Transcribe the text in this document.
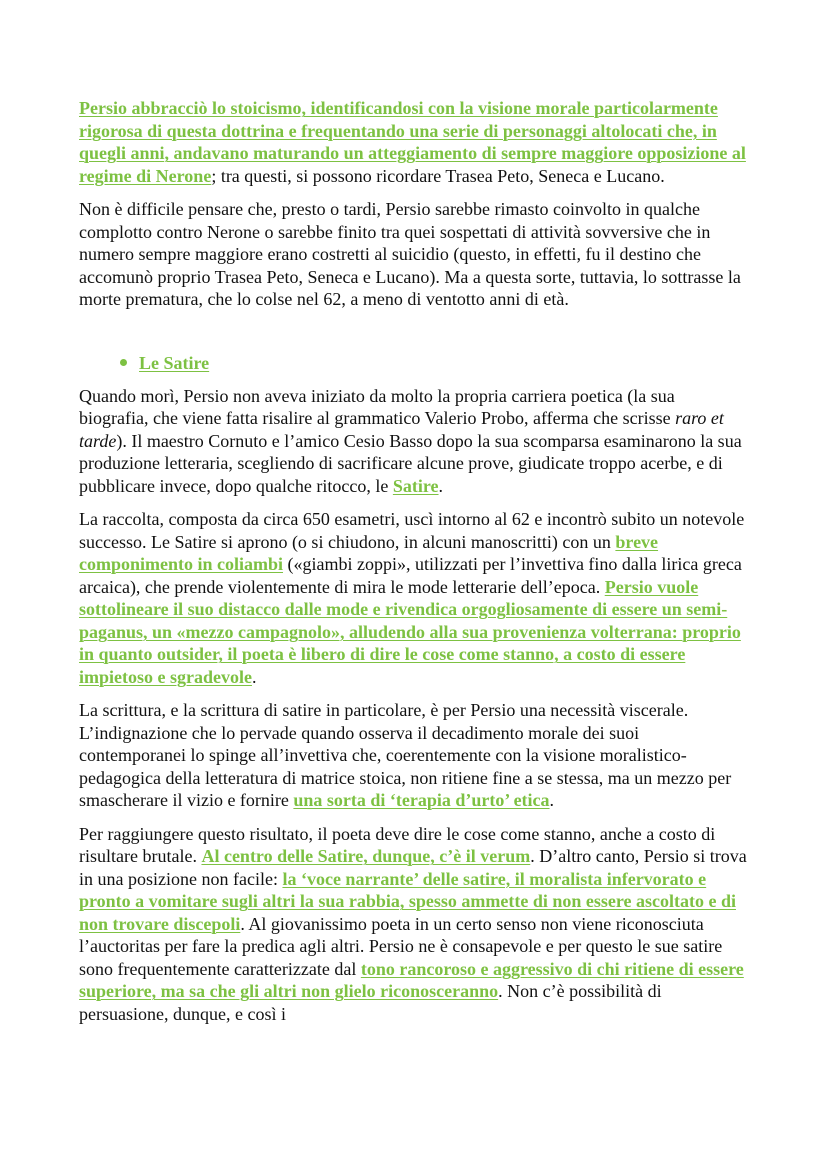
Persio abbracciò lo stoicismo, identificandosi con la visione morale particolarmente rigorosa di questa dottrina e frequentando una serie di personaggi altolocati che, in quegli anni, andavano maturando un atteggiamento di sempre maggiore opposizione al regime di Nerone; tra questi, si possono ricordare Trasea Peto, Seneca e Lucano.

Non è difficile pensare che, presto o tardi, Persio sarebbe rimasto coinvolto in qualche complotto contro Nerone o sarebbe finito tra quei sospettati di attività sovversive che in numero sempre maggiore erano costretti al suicidio (questo, in effetti, fu il destino che accomunò proprio Trasea Peto, Seneca e Lucano). Ma a questa sorte, tuttavia, lo sottrasse la morte prematura, che lo colse nel 62, a meno di ventotto anni di età.

Le Satire

Quando morì, Persio non aveva iniziato da molto la propria carriera poetica (la sua biografia, che viene fatta risalire al grammatico Valerio Probo, afferma che scrisse raro et tarde). Il maestro Cornuto e l’amico Cesio Basso dopo la sua scomparsa esaminarono la sua produzione letteraria, scegliendo di sacrificare alcune prove, giudicate troppo acerbe, e di pubblicare invece, dopo qualche ritocco, le Satire.

La raccolta, composta da circa 650 esametri, uscì intorno al 62 e incontrò subito un notevole successo. Le Satire si aprono (o si chiudono, in alcuni manoscritti) con un breve componimento in coliambi («giambi zoppi», utilizzati per l’invettiva fino dalla lirica greca arcaica), che prende violentemente di mira le mode letterarie dell’epoca. Persio vuole sottolineare il suo distacco dalle mode e rivendica orgogliosamente di essere un semi-paganus, un «mezzo campagnolo», alludendo alla sua provenienza volterrana: proprio in quanto outsider, il poeta è libero di dire le cose come stanno, a costo di essere impietoso e sgradevole.

La scrittura, e la scrittura di satire in particolare, è per Persio una necessità viscerale. L’indignazione che lo pervade quando osserva il decadimento morale dei suoi contemporanei lo spinge all’invettiva che, coerentemente con la visione moralistico-pedagogica della letteratura di matrice stoica, non ritiene fine a se stessa, ma un mezzo per smascherare il vizio e fornire una sorta di ‘terapia d’urto’ etica.

Per raggiungere questo risultato, il poeta deve dire le cose come stanno, anche a costo di risultare brutale. Al centro delle Satire, dunque, c’è il verum. D’altro canto, Persio si trova in una posizione non facile: la ‘voce narrante’ delle satire, il moralista infervorato e pronto a vomitare sugli altri la sua rabbia, spesso ammette di non essere ascoltato e di non trovare discepoli. Al giovanissimo poeta in un certo senso non viene riconosciuta l’auctoritas per fare la predica agli altri. Persio ne è consapevole e per questo le sue satire sono frequentemente caratterizzate dal tono rancoroso e aggressivo di chi ritiene di essere superiore, ma sa che gli altri non glielo riconosceranno. Non c’è possibilità di persuasione, dunque, e così i
